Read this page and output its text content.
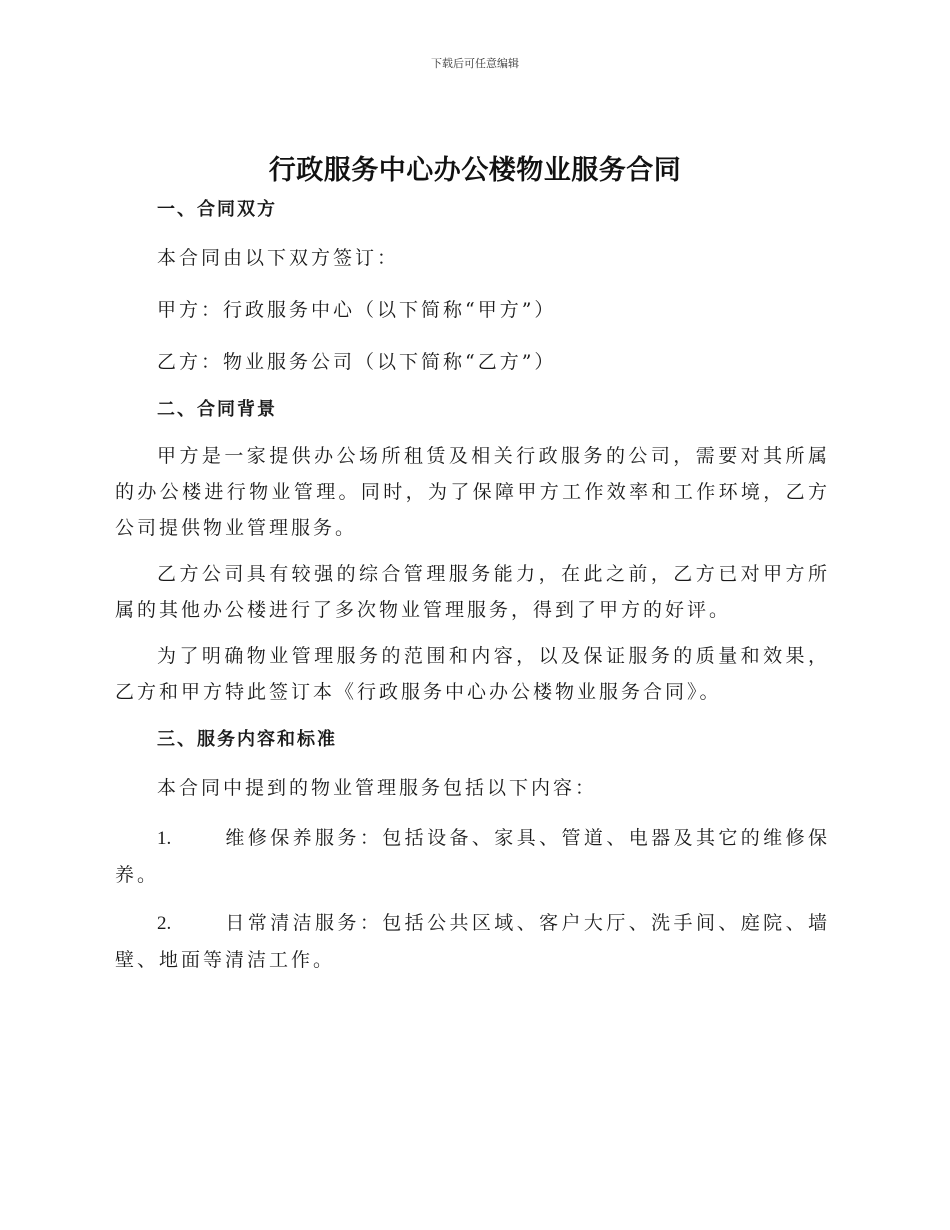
下载后可任意编辑
行政服务中心办公楼物业服务合同
一、合同双方
本合同由以下双方签订：
甲方：行政服务中心（以下简称“甲方”）
乙方：物业服务公司（以下简称“乙方”）
二、合同背景
甲方是一家提供办公场所租赁及相关行政服务的公司，需要对其所属的办公楼进行物业管理。同时，为了保障甲方工作效率和工作环境，乙方公司提供物业管理服务。
乙方公司具有较强的综合管理服务能力，在此之前，乙方已对甲方所属的其他办公楼进行了多次物业管理服务，得到了甲方的好评。
为了明确物业管理服务的范围和内容，以及保证服务的质量和效果，乙方和甲方特此签订本《行政服务中心办公楼物业服务合同》。
三、服务内容和标准
本合同中提到的物业管理服务包括以下内容：
1.	维修保养服务：包括设备、家具、管道、电器及其它的维修保养。
2.	日常清洁服务：包括公共区域、客户大厅、洗手间、庭院、墙壁、地面等清洁工作。
